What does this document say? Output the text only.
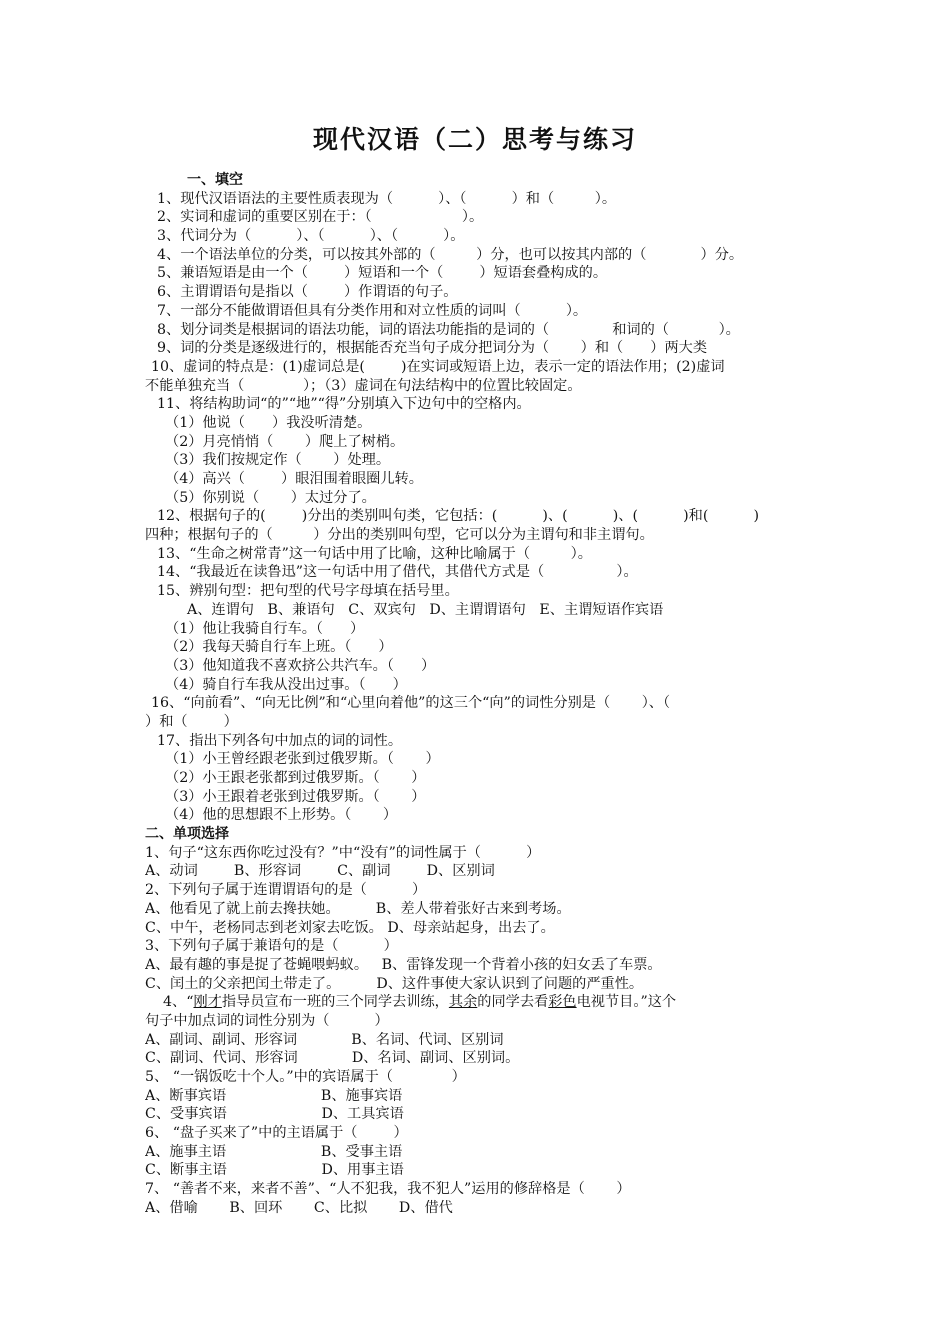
现代汉语（二）思考与练习
一、填空
1、现代汉语语法的主要性质表现为（          ）、（          ）和（         ）。
2、实词和虚词的重要区别在于：（                    ）。
3、代词分为（          ）、（          ）、（          ）。
4、一个语法单位的分类，可以按其外部的（         ）分，也可以按其内部的（            ）分。
5、兼语短语是由一个（        ）短语和一个（        ）短语套叠构成的。
6、主谓谓语句是指以（        ）作谓语的句子。
7、一部分不能做谓语但具有分类作用和对立性质的词叫（          ）。
8、划分词类是根据词的语法功能，词的语法功能指的是词的（              和词的（           ）。
9、词的分类是逐级进行的，根据能否充当句子成分把词分为（       ）和（      ）两大类
10、虚词的特点是：(1)虚词总是(        )在实词或短语上边，表示一定的语法作用；(2)虚词
不能单独充当（             ）；（3）虚词在句法结构中的位置比较固定。
11、将结构助词“的”“地”“得”分别填入下边句中的空格内。
（1）他说（      ）我没听清楚。
（2）月亮悄悄（       ）爬上了树梢。
（3）我们按规定作（       ）处理。
（4）高兴（        ）眼泪围着眼圈儿转。
（5）你别说（       ）太过分了。
12、根据句子的(        )分出的类别叫句类，它包括：(          )、(          )、(          )和(          )
四种；根据句子的（         ）分出的类别叫句型，它可以分为主谓句和非主谓句。
13、“生命之树常青”这一句话中用了比喻，这种比喻属于（         ）。
14、“我最近在读鲁迅”这一句话中用了借代，其借代方式是（                ）。
15、辨别句型：把句型的代号字母填在括号里。
A、连谓句   B、兼语句   C、双宾句   D、主谓谓语句   E、主谓短语作宾语
（1）他让我骑自行车。（      ）
（2）我每天骑自行车上班。（      ）
（3）他知道我不喜欢挤公共汽车。（      ）
（4）骑自行车我从没出过事。（      ）
16、“向前看”、“向无比例”和“心里向着他”的这三个“向”的词性分别是（       ）、（
）和（        ）
17、指出下列各句中加点的词的词性。
（1）小王曾经跟老张到过俄罗斯。（       ）
（2）小王跟老张都到过俄罗斯。（       ）
（3）小王跟着老张到过俄罗斯。（       ）
（4）他的思想跟不上形势。（       ）
二、单项选择
1、句子“这东西你吃过没有？”中“没有”的词性属于（          ）
A、动词        B、形容词        C、副词        D、区别词
2、下列句子属于连谓谓语句的是（          ）
A、他看见了就上前去搀扶她。        B、差人带着张好古来到考场。
C、中午，老杨同志到老刘家去吃饭。 D、母亲站起身，出去了。
3、下列句子属于兼语句的是（          ）
A、最有趣的事是捉了苍蝇喂蚂蚁。   B、雷锋发现一个背着小孩的妇女丢了车票。
C、闰土的父亲把闰土带走了。        D、这件事使大家认识到了问题的严重性。
4、“刚才指导员宣布一班的三个同学去训练，其余的同学去看彩色电视节目。”这个
句子中加点词的词性分别为（          ）
A、副词、副词、形容词            B、名词、代词、区别词
C、副词、代词、形容词            D、名词、副词、区别词。
5、 “一锅饭吃十个人。”中的宾语属于（             ）
A、断事宾语                     B、施事宾语
C、受事宾语                     D、工具宾语
6、 “盘子买来了”中的主语属于（        ）
A、施事主语                     B、受事主语
C、断事主语                     D、用事主语
7、 “善者不来，来者不善”、“人不犯我，我不犯人”运用的修辞格是（       ）
A、借喻       B、回环       C、比拟       D、借代
